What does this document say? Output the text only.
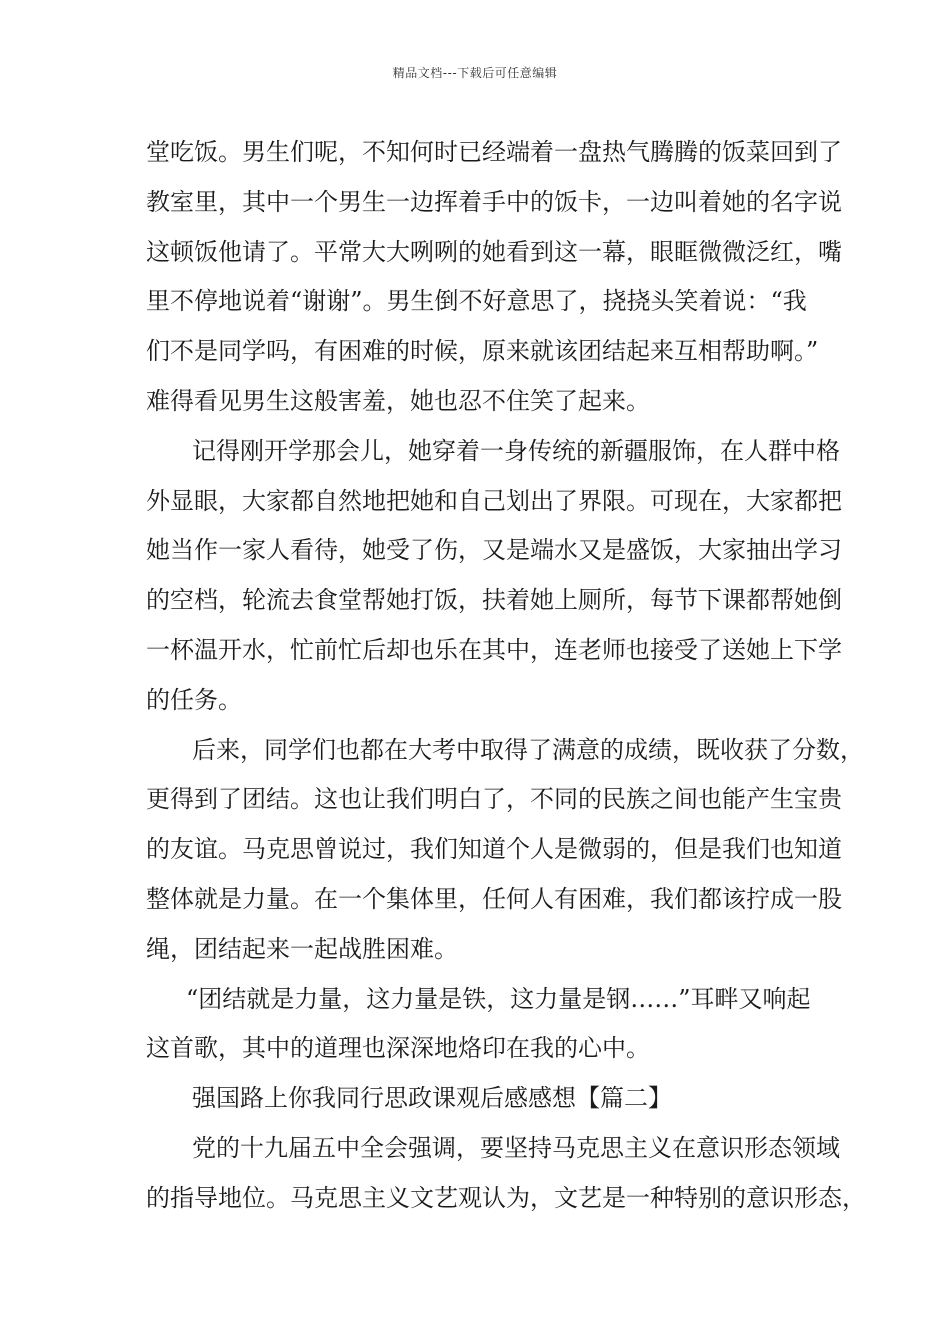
精品文档---下载后可任意编辑

堂吃饭。男生们呢，不知何时已经端着一盘热气腾腾的饭菜回到了

教室里，其中一个男生一边挥着手中的饭卡，一边叫着她的名字说

这顿饭他请了。平常大大咧咧的她看到这一幕，眼眶微微泛红，嘴

里不停地说着“谢谢”。男生倒不好意思了，挠挠头笑着说：“我

们不是同学吗，有困难的时候，原来就该团结起来互相帮助啊。”

难得看见男生这般害羞，她也忍不住笑了起来。

记得刚开学那会儿，她穿着一身传统的新疆服饰，在人群中格

外显眼，大家都自然地把她和自己划出了界限。可现在，大家都把

她当作一家人看待，她受了伤，又是端水又是盛饭，大家抽出学习

的空档，轮流去食堂帮她打饭，扶着她上厕所，每节下课都帮她倒

一杯温开水，忙前忙后却也乐在其中，连老师也接受了送她上下学

的任务。

后来，同学们也都在大考中取得了满意的成绩，既收获了分数，

更得到了团结。这也让我们明白了，不同的民族之间也能产生宝贵

的友谊。马克思曾说过，我们知道个人是微弱的，但是我们也知道

整体就是力量。在一个集体里，任何人有困难，我们都该拧成一股

绳，团结起来一起战胜困难。

“团结就是力量，这力量是铁，这力量是钢……”耳畔又响起

这首歌，其中的道理也深深地烙印在我的心中。

强国路上你我同行思政课观后感感想【篇二】

党的十九届五中全会强调，要坚持马克思主义在意识形态领域

的指导地位。马克思主义文艺观认为，文艺是一种特别的意识形态，
